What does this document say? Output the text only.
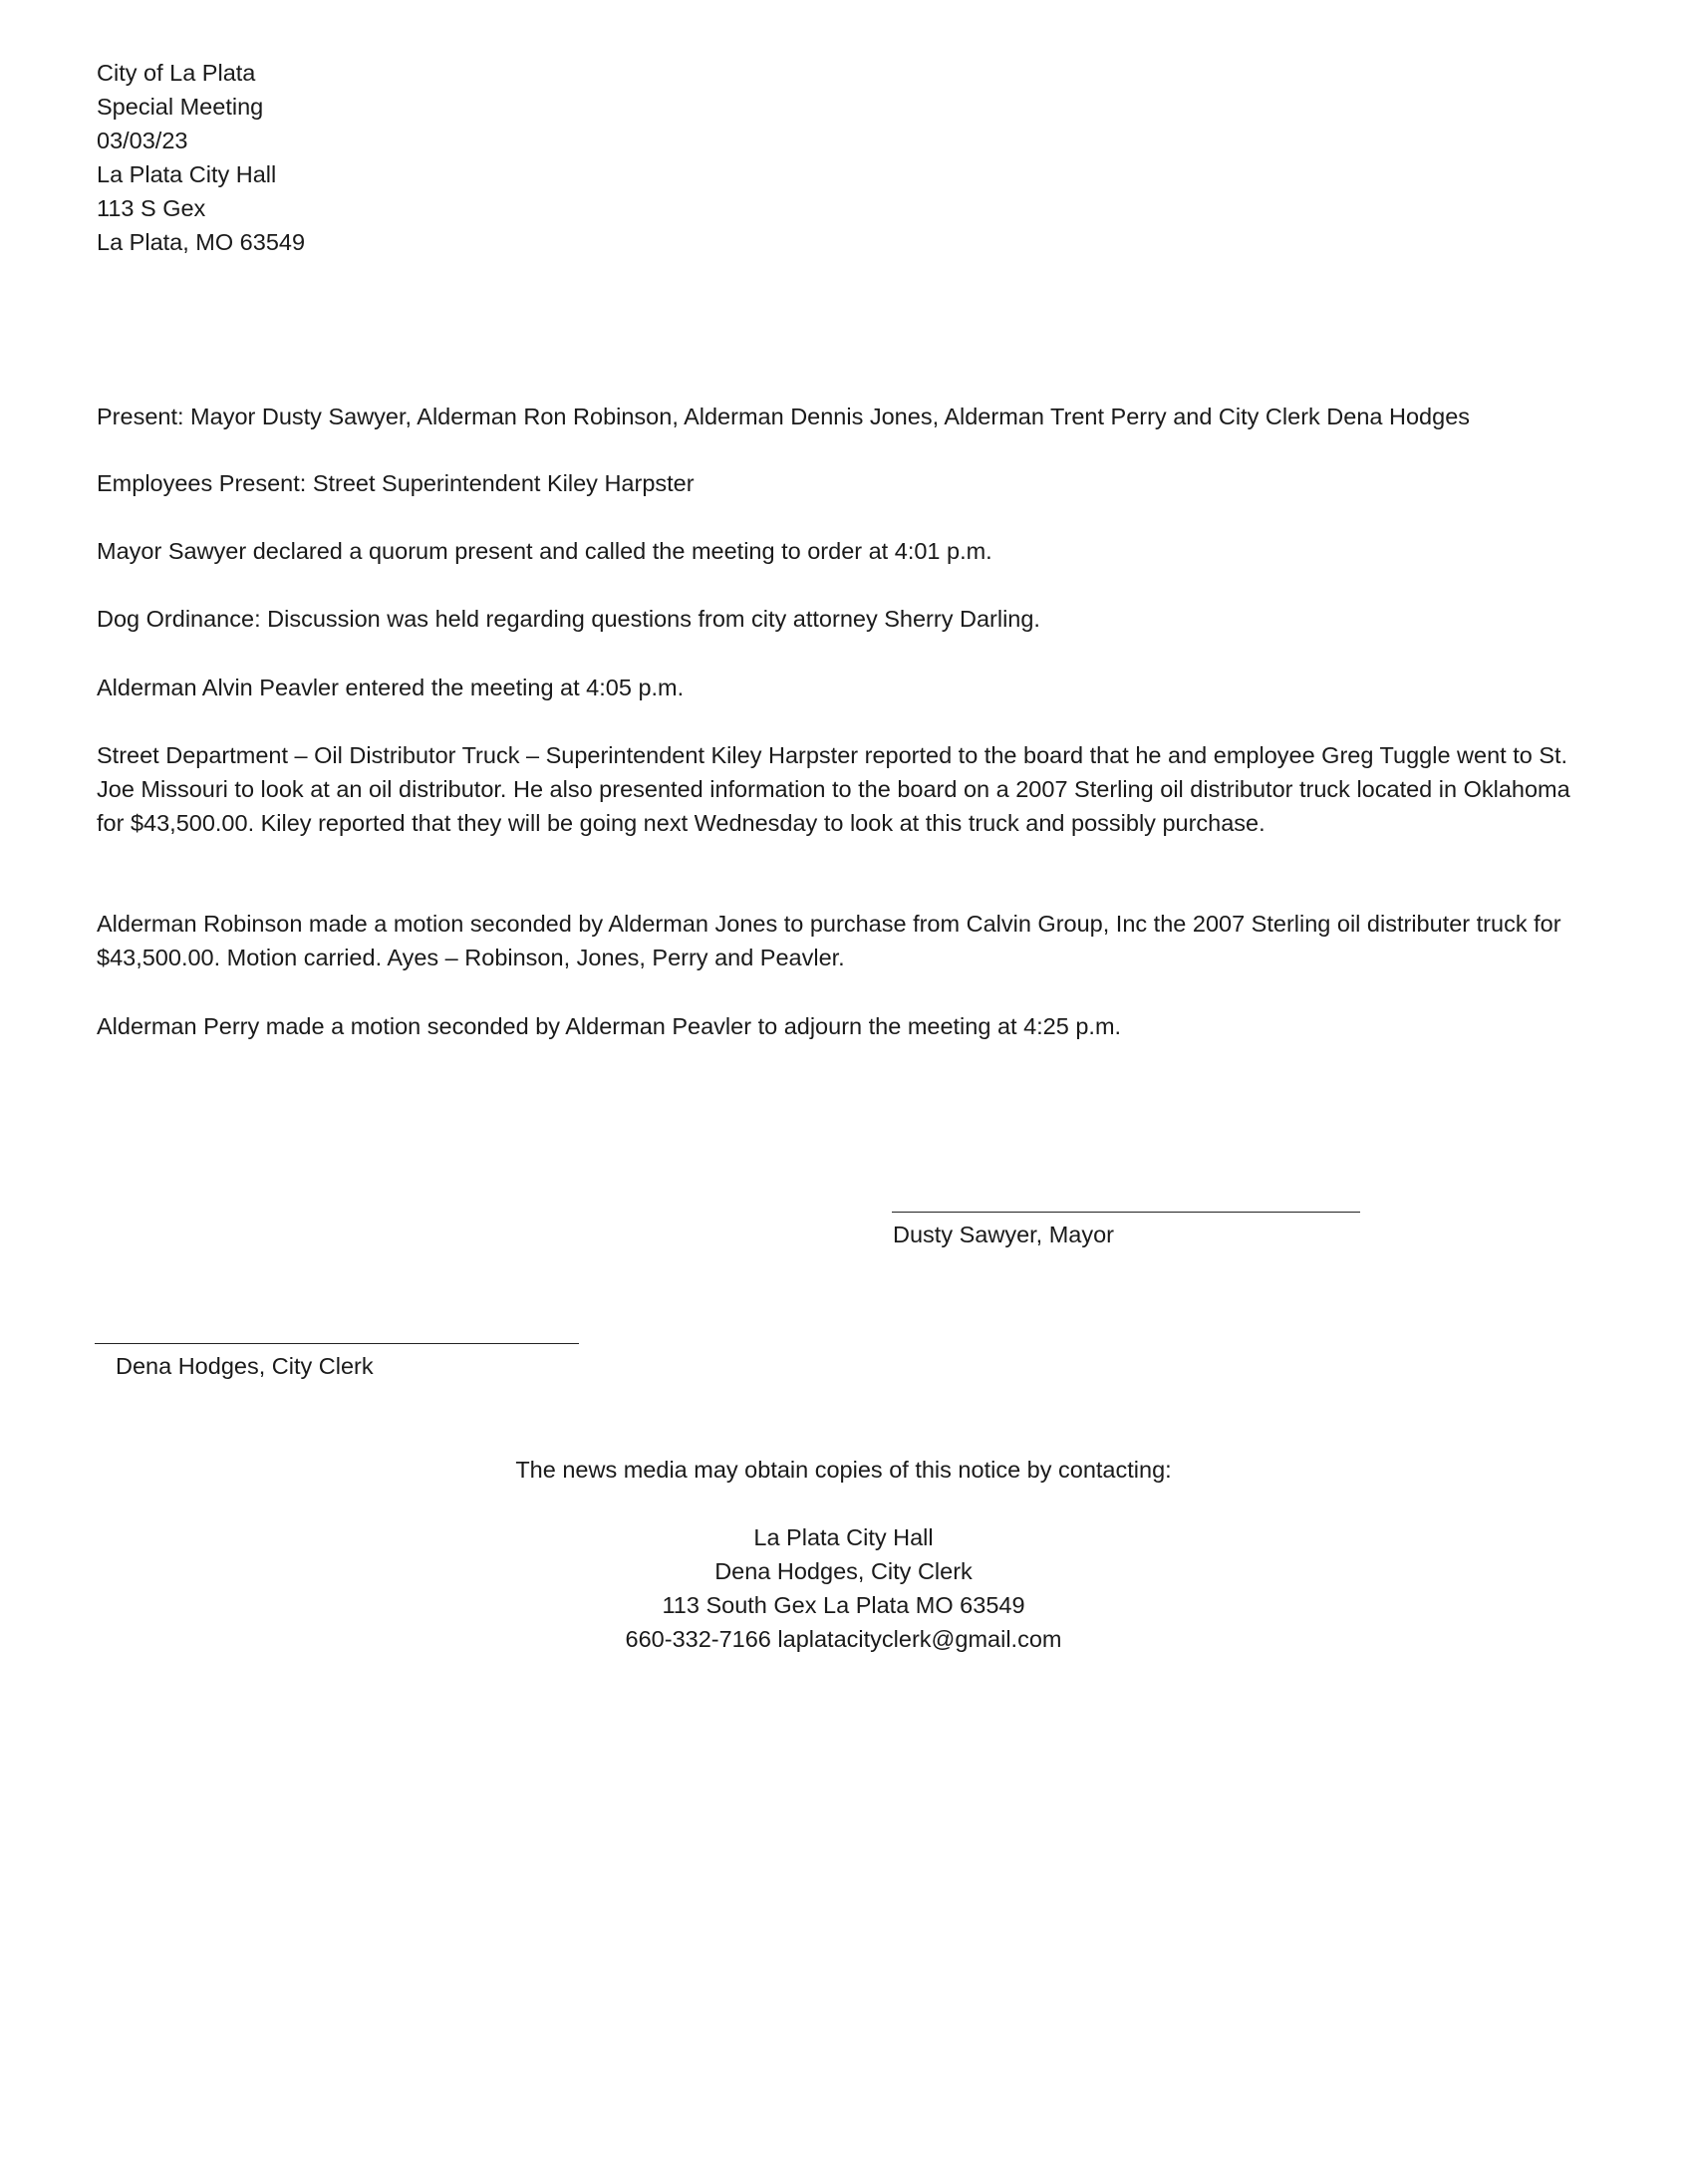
City of La Plata
Special Meeting
03/03/23
La Plata City Hall
113 S Gex
La Plata, MO 63549

Present: Mayor Dusty Sawyer, Alderman Ron Robinson, Alderman Dennis Jones, Alderman Trent Perry and City Clerk Dena Hodges

Employees Present: Street Superintendent Kiley Harpster

Mayor Sawyer declared a quorum present and called the meeting to order at 4:01 p.m.

Dog Ordinance: Discussion was held regarding questions from city attorney Sherry Darling.

Alderman Alvin Peavler entered the meeting at 4:05 p.m.

Street Department – Oil Distributor Truck – Superintendent Kiley Harpster reported to the board that he and employee Greg Tuggle went to St. Joe Missouri to look at an oil distributor. He also presented information to the board on a 2007 Sterling oil distributor truck located in Oklahoma for $43,500.00. Kiley reported that they will be going next Wednesday to look at this truck and possibly purchase.

Alderman Robinson made a motion seconded by Alderman Jones to purchase from Calvin Group, Inc the 2007 Sterling oil distributer truck for $43,500.00. Motion carried. Ayes – Robinson, Jones, Perry and Peavler.

Alderman Perry made a motion seconded by Alderman Peavler to adjourn the meeting at 4:25 p.m.

Dusty Sawyer, Mayor
Dena Hodges, City Clerk
The news media may obtain copies of this notice by contacting:
La Plata City Hall
Dena Hodges, City Clerk
113 South Gex La Plata MO 63549
660-332-7166 laplatacityclerk@gmail.com
